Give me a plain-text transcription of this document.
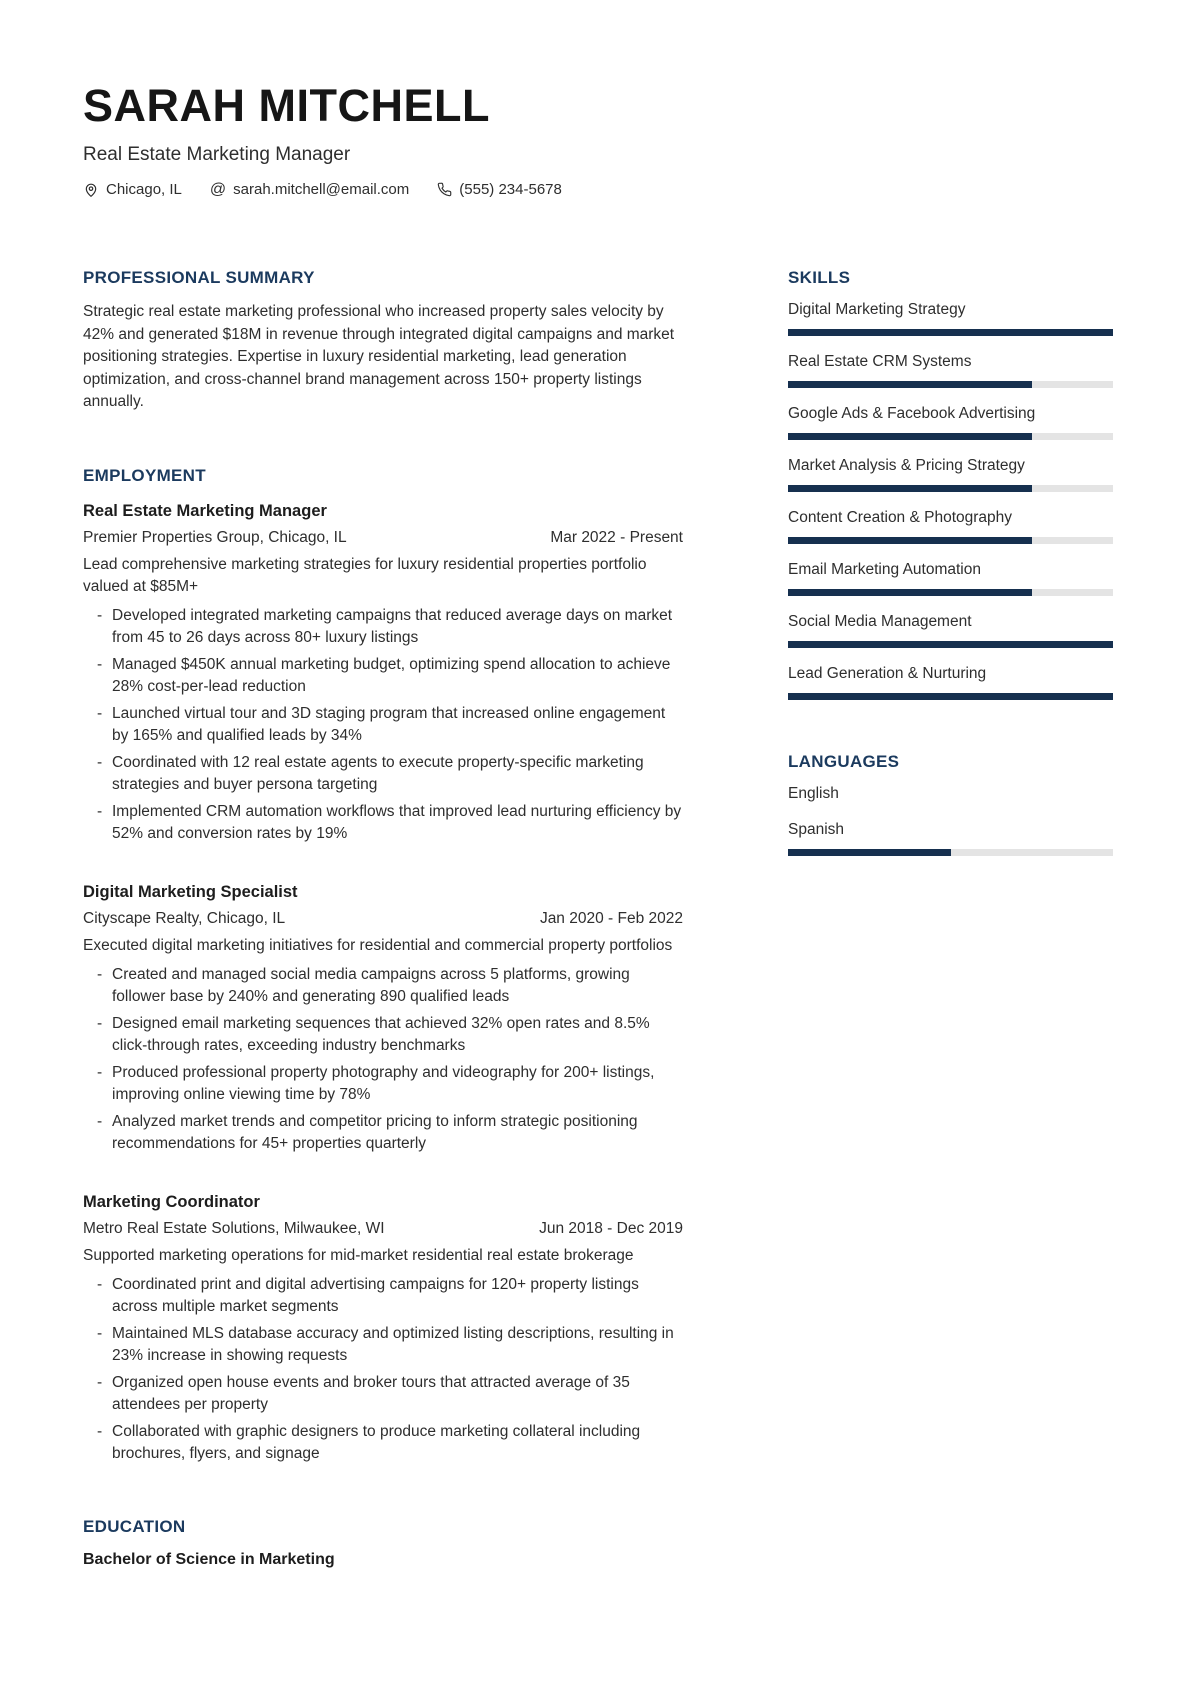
SARAH MITCHELL
Real Estate Marketing Manager
Chicago, IL @ sarah.mitchell@email.com	(555) 234-5678
PROFESSIONAL SUMMARY

Strategic real estate marketing professional who increased property sales velocity by 42% and generated $18M in revenue through integrated digital campaigns and market positioning strategies. Expertise in luxury residential marketing, lead generation optimization, and cross-channel brand management across 150+ property listings annually.

EMPLOYMENT
Real Estate Marketing Manager
Premier Properties Group, Chicago, IL	Mar 2022 - Present

Lead comprehensive marketing strategies for luxury residential properties portfolio valued at $85M+

- Developed integrated marketing campaigns that reduced average days on market from 45 to 26 days across 80+ luxury listings
- Managed $450K annual marketing budget, optimizing spend allocation to achieve 28% cost-per-lead reduction
- Launched virtual tour and 3D staging program that increased online engagement by 165% and qualified leads by 34%
- Coordinated with 12 real estate agents to execute property-specific marketing strategies and buyer persona targeting
- Implemented CRM automation workflows that improved lead nurturing efficiency by 52% and conversion rates by 19%
Digital Marketing Specialist
Cityscape Realty, Chicago, IL	Jan 2020 - Feb 2022

Executed digital marketing initiatives for residential and commercial property portfolios

- Created and managed social media campaigns across 5 platforms, growing follower base by 240% and generating 890 qualified leads
- Designed email marketing sequences that achieved 32% open rates and 8.5% click-through rates, exceeding industry benchmarks
- Produced professional property photography and videography for 200+ listings, improving online viewing time by 78%
- Analyzed market trends and competitor pricing to inform strategic positioning recommendations for 45+ properties quarterly
Marketing Coordinator
Metro Real Estate Solutions, Milwaukee, WI	Jun 2018 - Dec 2019

Supported marketing operations for mid-market residential real estate brokerage

- Coordinated print and digital advertising campaigns for 120+ property listings across multiple market segments
- Maintained MLS database accuracy and optimized listing descriptions, resulting in 23% increase in showing requests
- Organized open house events and broker tours that attracted average of 35 attendees per property
- Collaborated with graphic designers to produce marketing collateral including brochures, flyers, and signage
EDUCATION
Bachelor of Science in Marketing
SKILLS
Digital Marketing Strategy
Real Estate CRM Systems
Google Ads & Facebook Advertising
Market Analysis & Pricing Strategy
Content Creation & Photography
Email Marketing Automation
Social Media Management
Lead Generation & Nurturing
LANGUAGES
English
Spanish
